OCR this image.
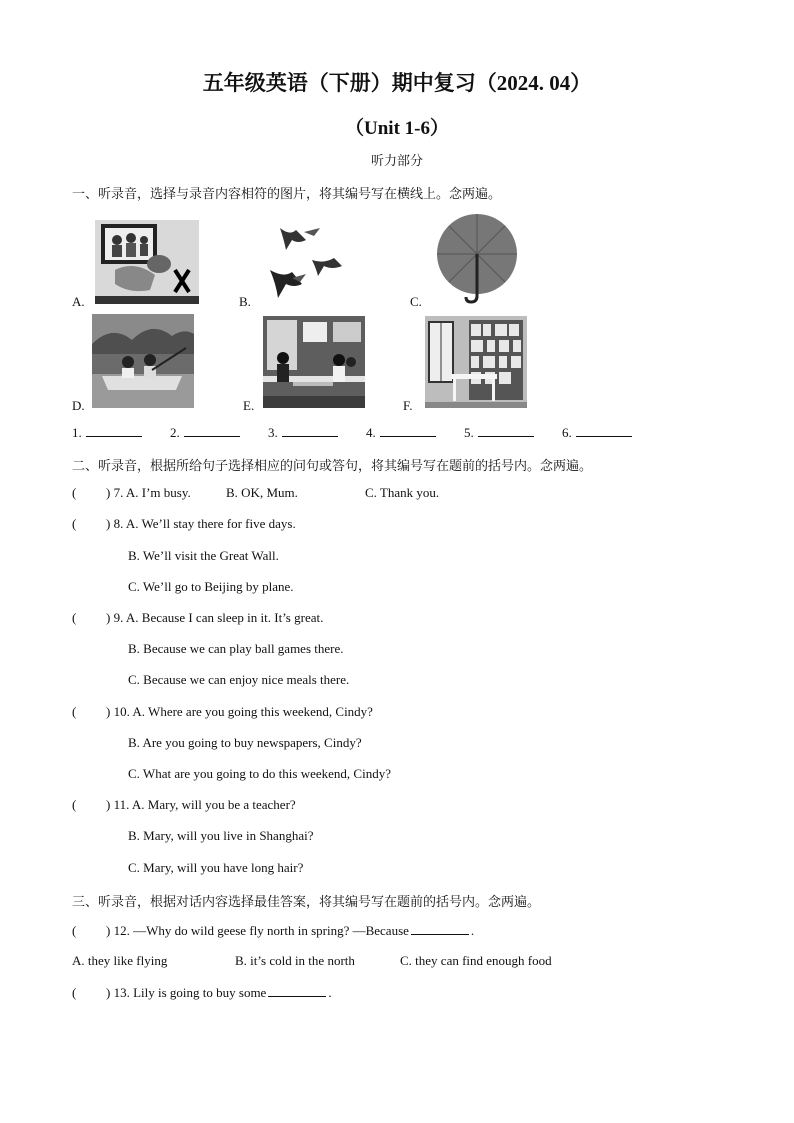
五年级英语（下册）期中复习（2024. 04）
（Unit 1-6）
听力部分
一、听录音，选择与录音内容相符的图片，将其编号写在横线上。念两遍。
A.	B.	C.
D.	E.	F.
1.	2.	3.	4.	5.	6.
二、听录音，根据所给句子选择相应的问句或答句，将其编号写在题前的括号内。念两遍。
( ) 7. A. I’m busy.	B. OK, Mum.	C. Thank you.
( ) 8. A. We’ll stay there for five days.
B. We’ll visit the Great Wall.
C. We’ll go to Beijing by plane.
( ) 9. A. Because I can sleep in it. It’s great.
B. Because we can play ball games there.
C. Because we can enjoy nice meals there.
( ) 10. A. Where are you going this weekend, Cindy?
B. Are you going to buy newspapers, Cindy?
C. What are you going to do this weekend, Cindy?
( ) 11. A. Mary, will you be a teacher?
B. Mary, will you live in Shanghai?
C. Mary, will you have long hair?
三、听录音，根据对话内容选择最佳答案，将其编号写在题前的括号内。念两遍。
( ) 12. —Why do wild geese fly north in spring? —Because	.
A. they like flying	B. it’s cold in the north	C. they can find enough food
( ) 13. Lily is going to buy some	.
